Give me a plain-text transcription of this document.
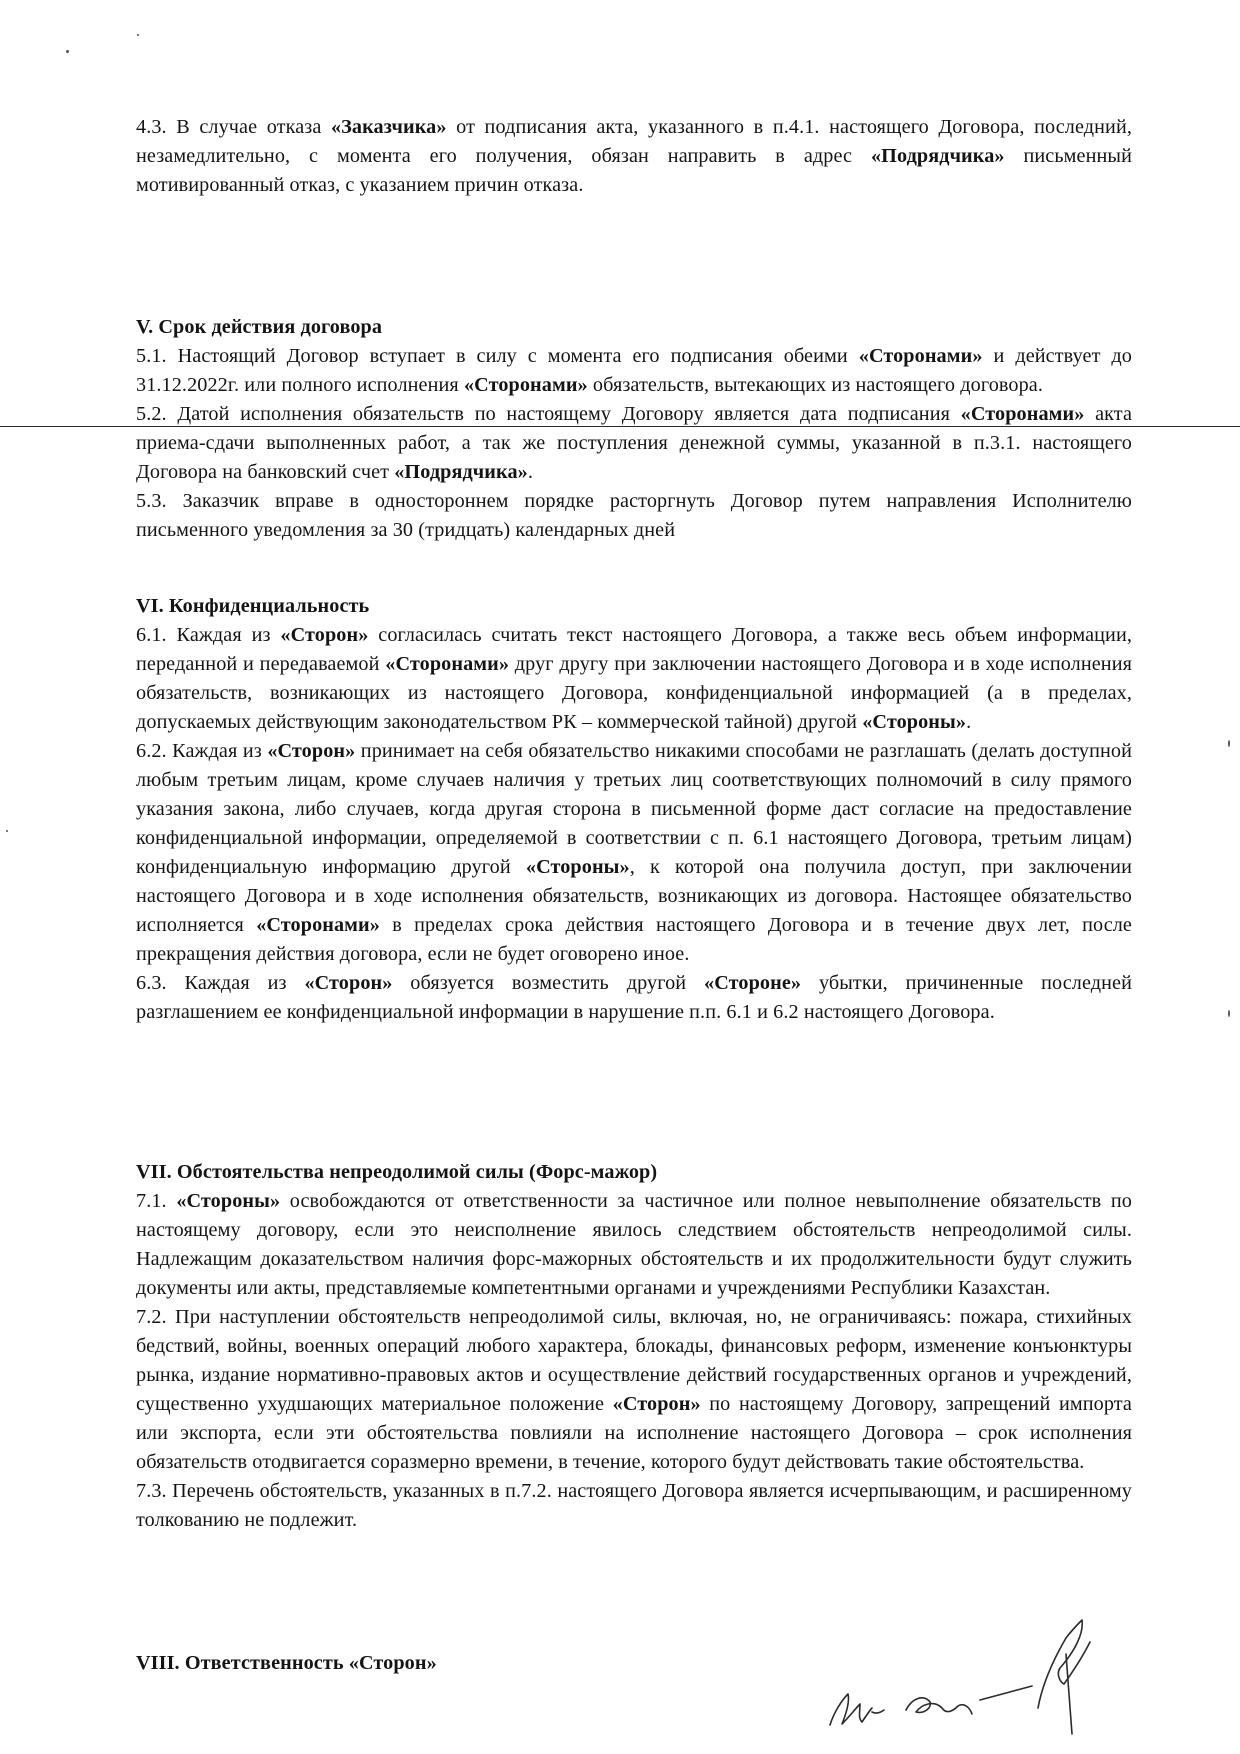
4.3. В случае отказа «Заказчика» от подписания акта, указанного в п.4.1. настоящего Договора, последний, незамедлительно, с момента его получения, обязан направить в адрес «Подрядчика» письменный мотивированный отказ, с указанием причин отказа.

V. Срок действия договора

5.1. Настоящий Договор вступает в силу с момента его подписания обеими «Сторонами» и действует до 31.12.2022г. или полного исполнения «Сторонами» обязательств, вытекающих из настоящего договора.

5.2. Датой исполнения обязательств по настоящему Договору является дата подписания «Сторонами» акта приема-сдачи выполненных работ, а так же поступления денежной суммы, указанной в п.3.1. настоящего Договора на банковский счет «Подрядчика».

5.3. Заказчик вправе в одностороннем порядке расторгнуть Договор путем направления Исполнителю письменного уведомления за 30 (тридцать) календарных дней

VI. Конфиденциальность

6.1. Каждая из «Сторон» согласилась считать текст настоящего Договора, а также весь объем информации, переданной и передаваемой «Сторонами» друг другу при заключении настоящего Договора и в ходе исполнения обязательств, возникающих из настоящего Договора, конфиденциальной информацией (а в пределах, допускаемых действующим законодательством РК – коммерческой тайной) другой «Стороны».

6.2. Каждая из «Сторон» принимает на себя обязательство никакими способами не разглашать (делать доступной любым третьим лицам, кроме случаев наличия у третьих лиц соответствующих полномочий в силу прямого указания закона, либо случаев, когда другая сторона в письменной форме даст согласие на предоставление конфиденциальной информации, определяемой в соответствии с п. 6.1 настоящего Договора, третьим лицам) конфиденциальную информацию другой «Стороны», к которой она получила доступ, при заключении настоящего Договора и в ходе исполнения обязательств, возникающих из договора. Настоящее обязательство исполняется «Сторонами» в пределах срока действия настоящего Договора и в течение двух лет, после прекращения действия договора, если не будет оговорено иное.

6.3. Каждая из «Сторон» обязуется возместить другой «Стороне» убытки, причиненные последней разглашением ее конфиденциальной информации в нарушение п.п. 6.1 и 6.2 настоящего Договора.

VII. Обстоятельства непреодолимой силы (Форс-мажор)

7.1. «Стороны» освобождаются от ответственности за частичное или полное невыполнение обязательств по настоящему договору, если это неисполнение явилось следствием обстоятельств непреодолимой силы. Надлежащим доказательством наличия форс-мажорных обстоятельств и их продолжительности будут служить документы или акты, представляемые компетентными органами и учреждениями Республики Казахстан.

7.2. При наступлении обстоятельств непреодолимой силы, включая, но, не ограничиваясь: пожара, стихийных бедствий, войны, военных операций любого характера, блокады, финансовых реформ, изменение конъюнктуры рынка, издание нормативно-правовых актов и осуществление действий государственных органов и учреждений, существенно ухудшающих материальное положение «Сторон» по настоящему Договору, запрещений импорта или экспорта, если эти обстоятельства повлияли на исполнение настоящего Договора – срок исполнения обязательств отодвигается соразмерно времени, в течение, которого будут действовать такие обстоятельства.

7.3. Перечень обстоятельств, указанных в п.7.2. настоящего Договора является исчерпывающим, и расширенному толкованию не подлежит.

VIII. Ответственность «Сторон»
